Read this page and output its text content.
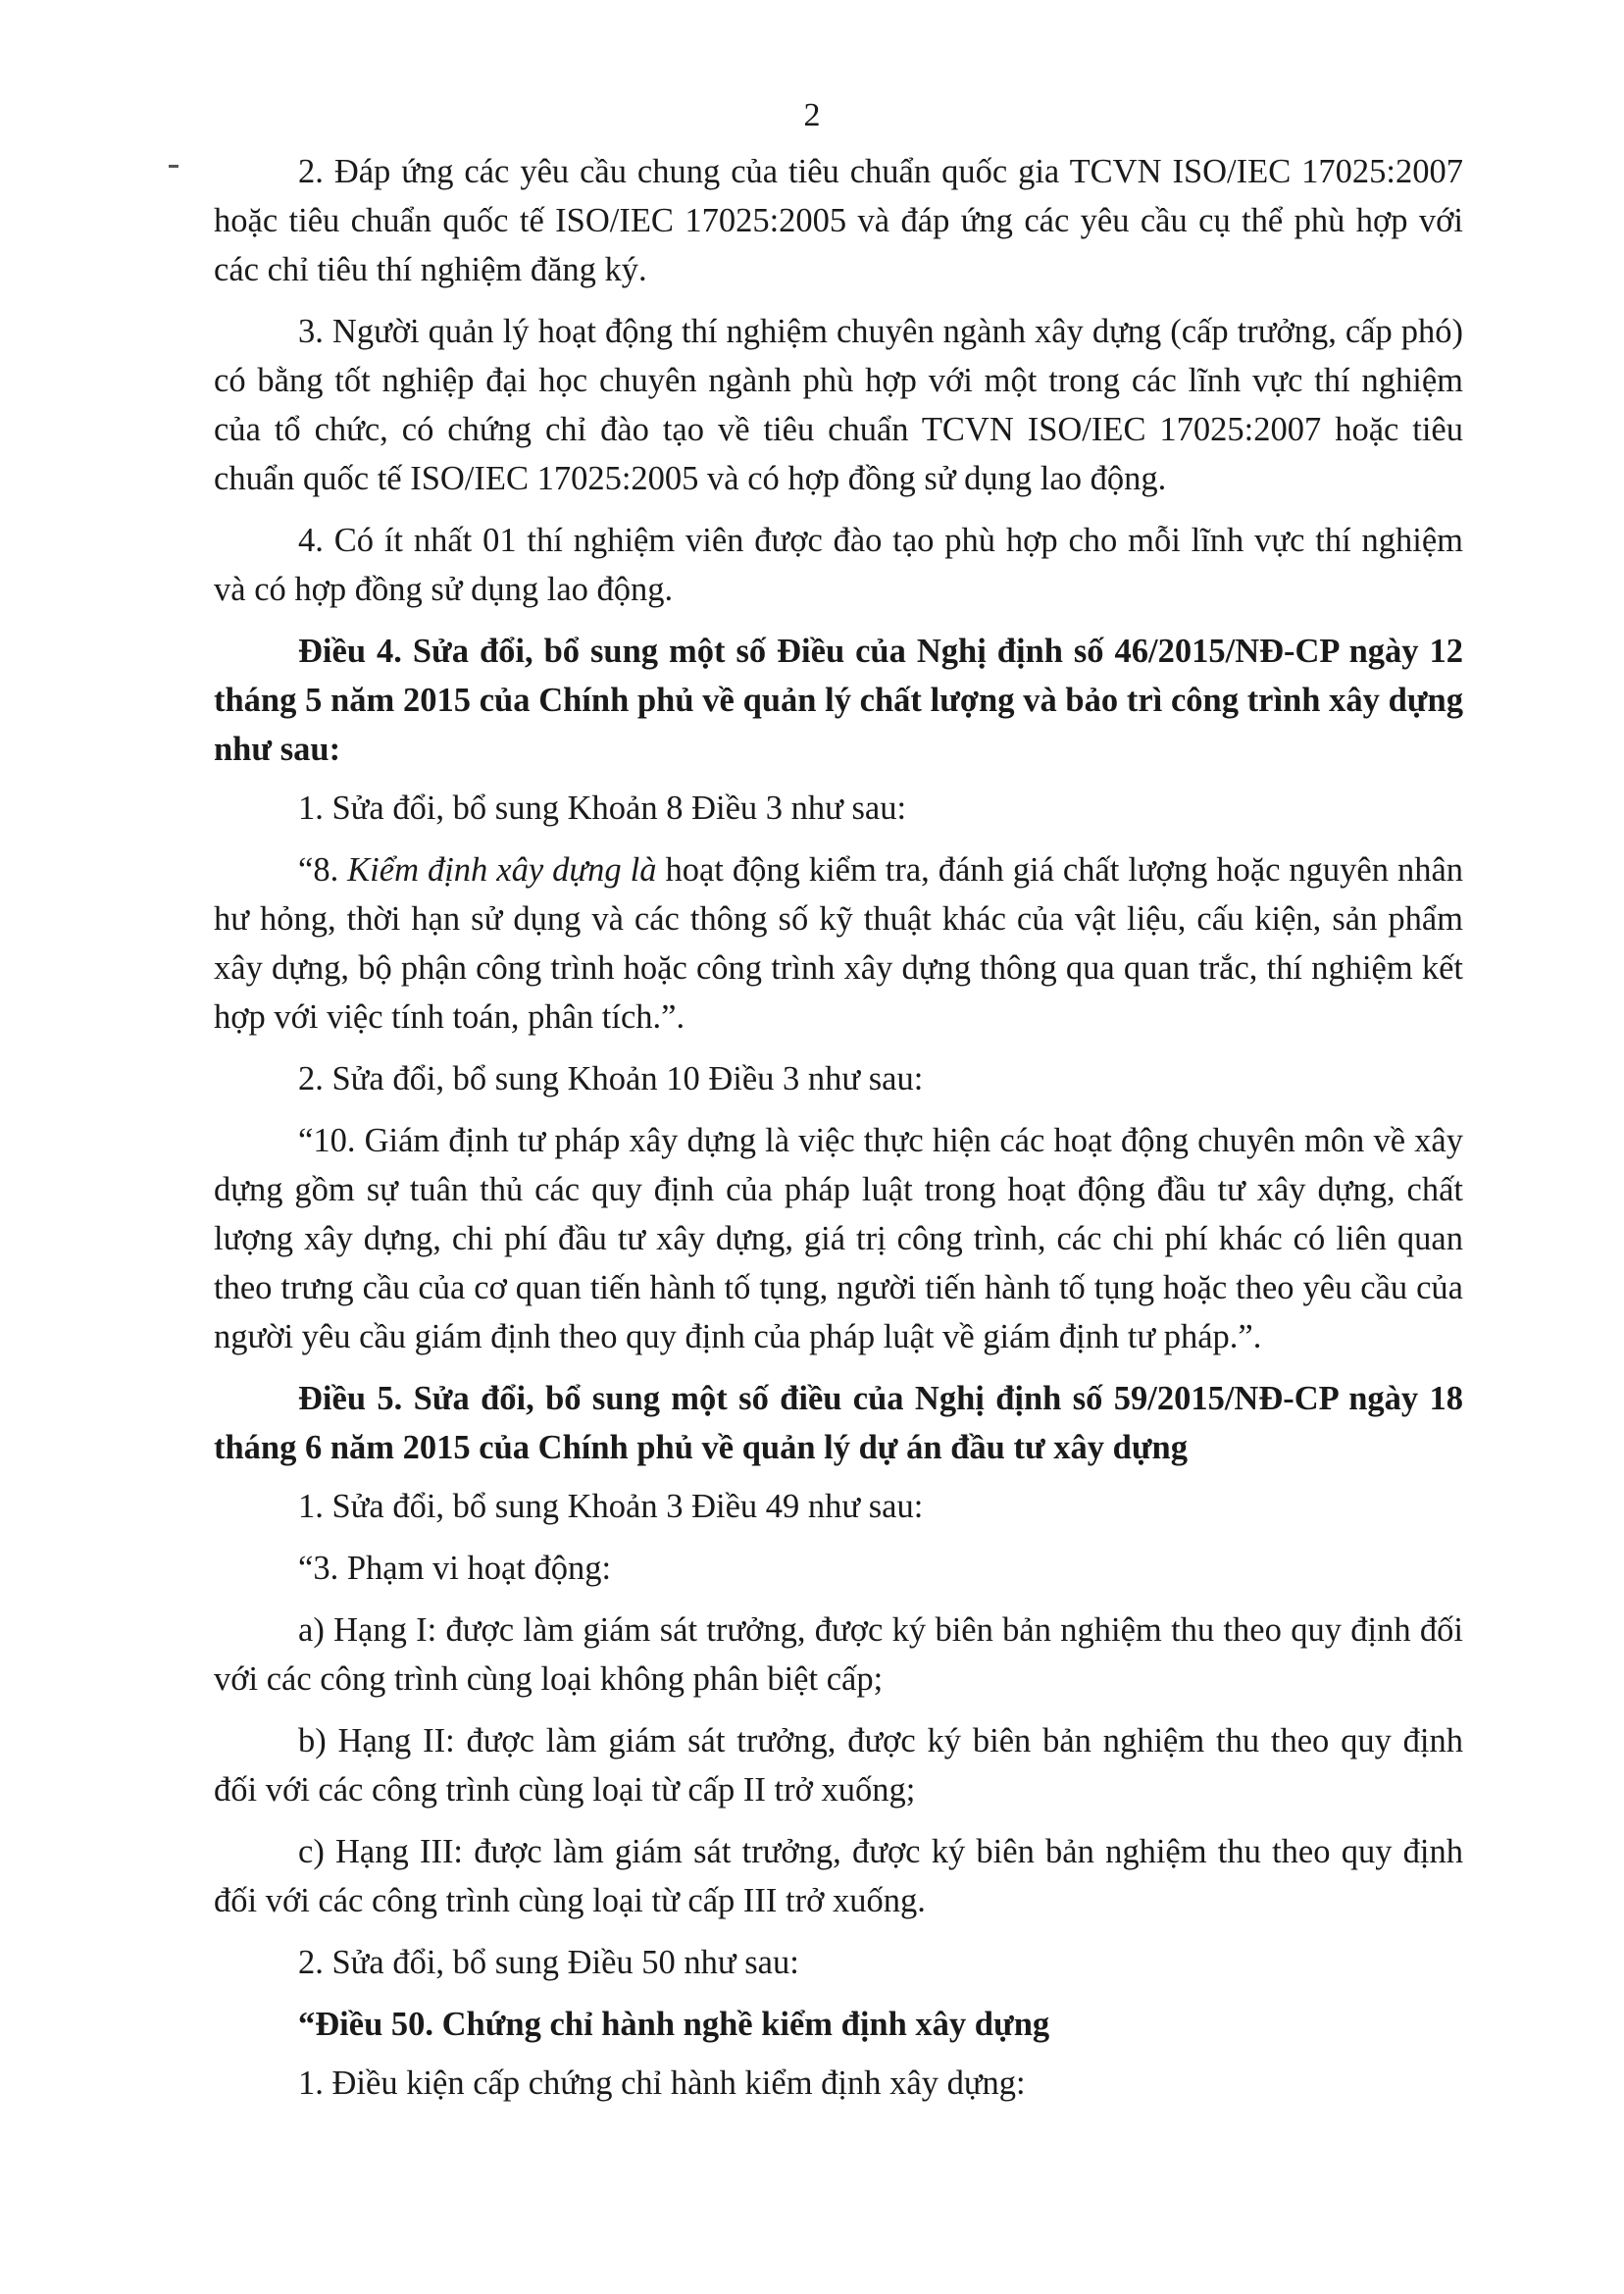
2

2. Đáp ứng các yêu cầu chung của tiêu chuẩn quốc gia TCVN ISO/IEC 17025:2007 hoặc tiêu chuẩn quốc tế ISO/IEC 17025:2005 và đáp ứng các yêu cầu cụ thể phù hợp với các chỉ tiêu thí nghiệm đăng ký.

3. Người quản lý hoạt động thí nghiệm chuyên ngành xây dựng (cấp trưởng, cấp phó) có bằng tốt nghiệp đại học chuyên ngành phù hợp với một trong các lĩnh vực thí nghiệm của tổ chức, có chứng chỉ đào tạo về tiêu chuẩn TCVN ISO/IEC 17025:2007 hoặc tiêu chuẩn quốc tế ISO/IEC 17025:2005 và có hợp đồng sử dụng lao động.

4. Có ít nhất 01 thí nghiệm viên được đào tạo phù hợp cho mỗi lĩnh vực thí nghiệm và có hợp đồng sử dụng lao động.

Điều 4. Sửa đổi, bổ sung một số Điều của Nghị định số 46/2015/NĐ-CP ngày 12 tháng 5 năm 2015 của Chính phủ về quản lý chất lượng và bảo trì công trình xây dựng như sau:

1. Sửa đổi, bổ sung Khoản 8 Điều 3 như sau:

“8. Kiểm định xây dựng là hoạt động kiểm tra, đánh giá chất lượng hoặc nguyên nhân hư hỏng, thời hạn sử dụng và các thông số kỹ thuật khác của vật liệu, cấu kiện, sản phẩm xây dựng, bộ phận công trình hoặc công trình xây dựng thông qua quan trắc, thí nghiệm kết hợp với việc tính toán, phân tích.”.

2. Sửa đổi, bổ sung Khoản 10 Điều 3 như sau:

“10. Giám định tư pháp xây dựng là việc thực hiện các hoạt động chuyên môn về xây dựng gồm sự tuân thủ các quy định của pháp luật trong hoạt động đầu tư xây dựng, chất lượng xây dựng, chi phí đầu tư xây dựng, giá trị công trình, các chi phí khác có liên quan theo trưng cầu của cơ quan tiến hành tố tụng, người tiến hành tố tụng hoặc theo yêu cầu của người yêu cầu giám định theo quy định của pháp luật về giám định tư pháp.”.

Điều 5. Sửa đổi, bổ sung một số điều của Nghị định số 59/2015/NĐ-CP ngày 18 tháng 6 năm 2015 của Chính phủ về quản lý dự án đầu tư xây dựng

1. Sửa đổi, bổ sung Khoản 3 Điều 49 như sau:

“3. Phạm vi hoạt động:

a) Hạng I: được làm giám sát trưởng, được ký biên bản nghiệm thu theo quy định đối với các công trình cùng loại không phân biệt cấp;

b) Hạng II: được làm giám sát trưởng, được ký biên bản nghiệm thu theo quy định đối với các công trình cùng loại từ cấp II trở xuống;

c) Hạng III: được làm giám sát trưởng, được ký biên bản nghiệm thu theo quy định đối với các công trình cùng loại từ cấp III trở xuống.

2. Sửa đổi, bổ sung Điều 50 như sau:

“Điều 50. Chứng chỉ hành nghề kiểm định xây dựng

1. Điều kiện cấp chứng chỉ hành kiểm định xây dựng:
